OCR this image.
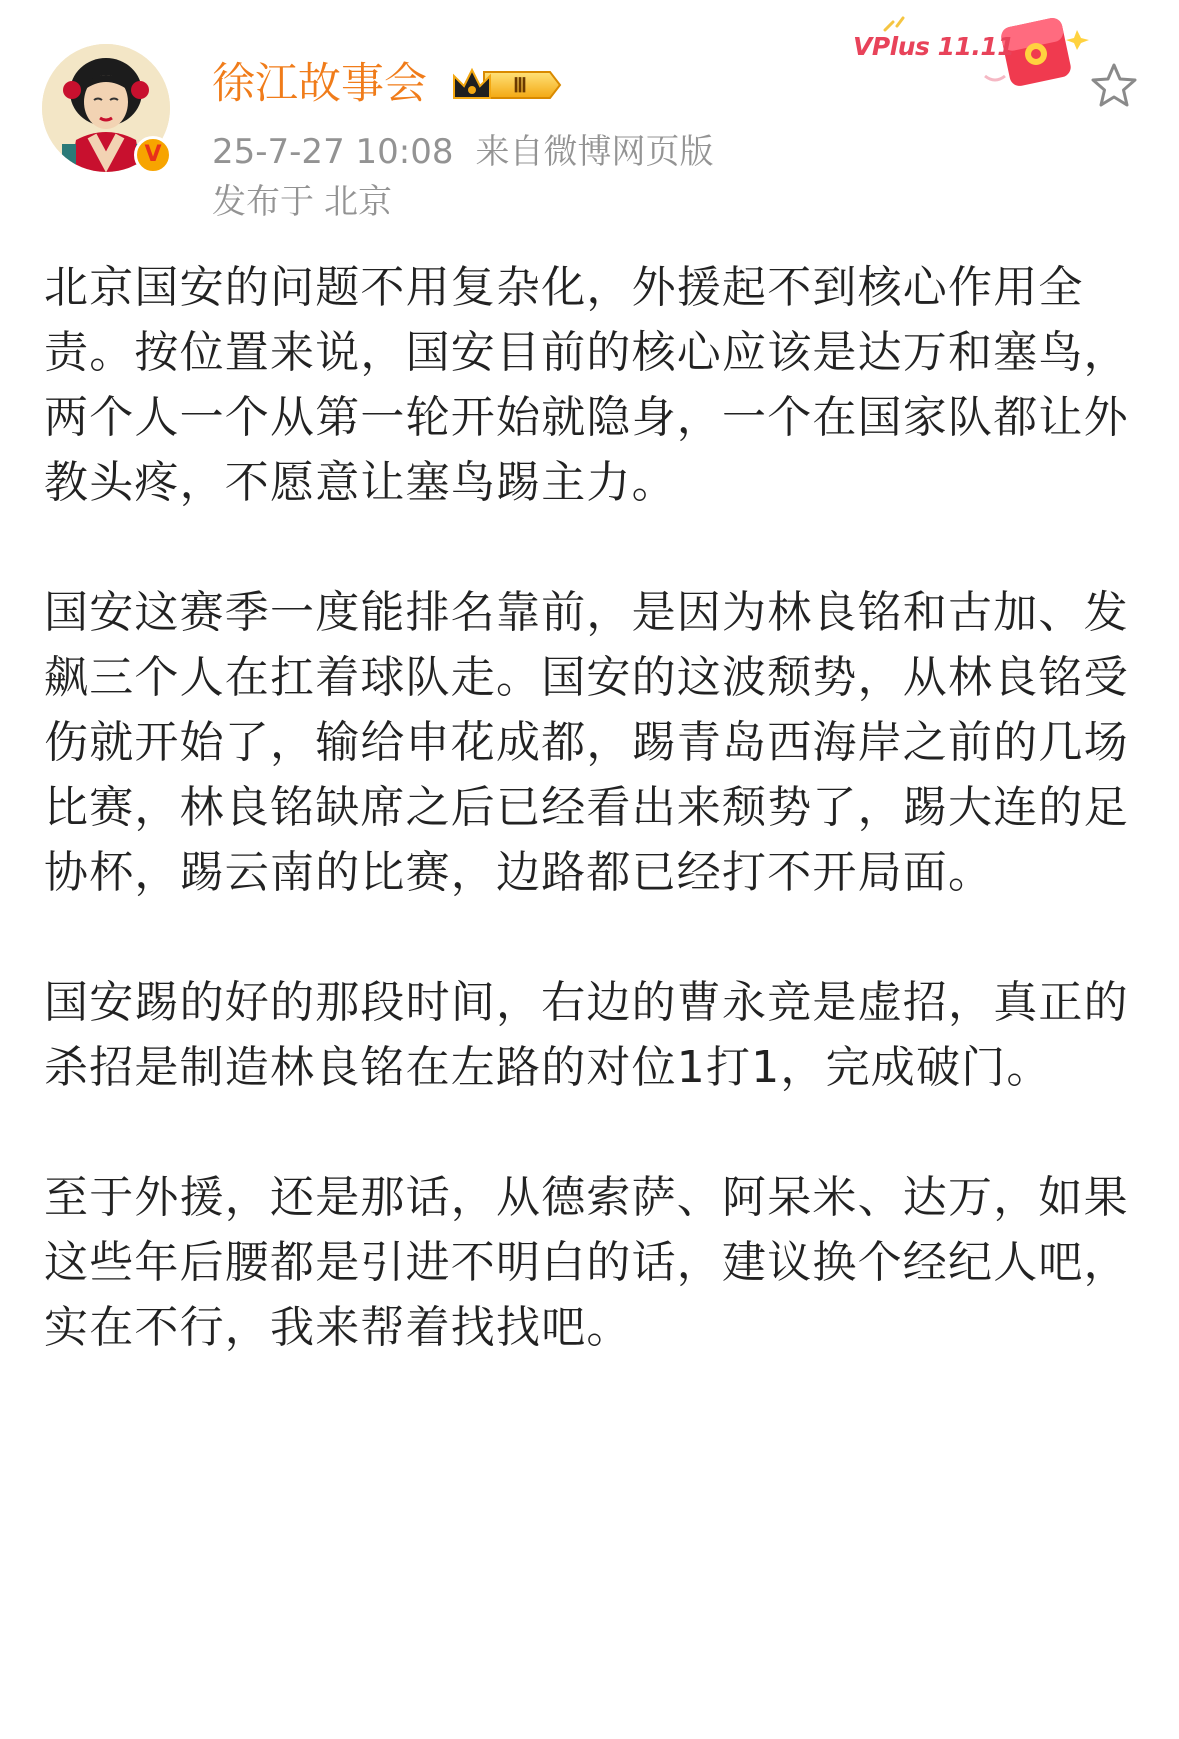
V
徐江故事会	Ⅲ
25-7-27 10:08 来自微博网页版
发布于 北京
VPlus 11.11

北京国安的问题不用复杂化，外援起不到核心作用全责。按位置来说，国安目前的核心应该是达万和塞鸟，两个人一个从第一轮开始就隐身，一个在国家队都让外教头疼，不愿意让塞鸟踢主力。

国安这赛季一度能排名靠前，是因为林良铭和古加、发飙三个人在扛着球队走。国安的这波颓势，从林良铭受伤就开始了，输给申花成都，踢青岛西海岸之前的几场比赛，林良铭缺席之后已经看出来颓势了，踢大连的足协杯，踢云南的比赛，边路都已经打不开局面。

国安踢的好的那段时间，右边的曹永竞是虚招，真正的杀招是制造林良铭在左路的对位1打1，完成破门。

至于外援，还是那话，从德索萨、阿呆米、达万，如果这些年后腰都是引进不明白的话，建议换个经纪人吧，实在不行，我来帮着找找吧。
